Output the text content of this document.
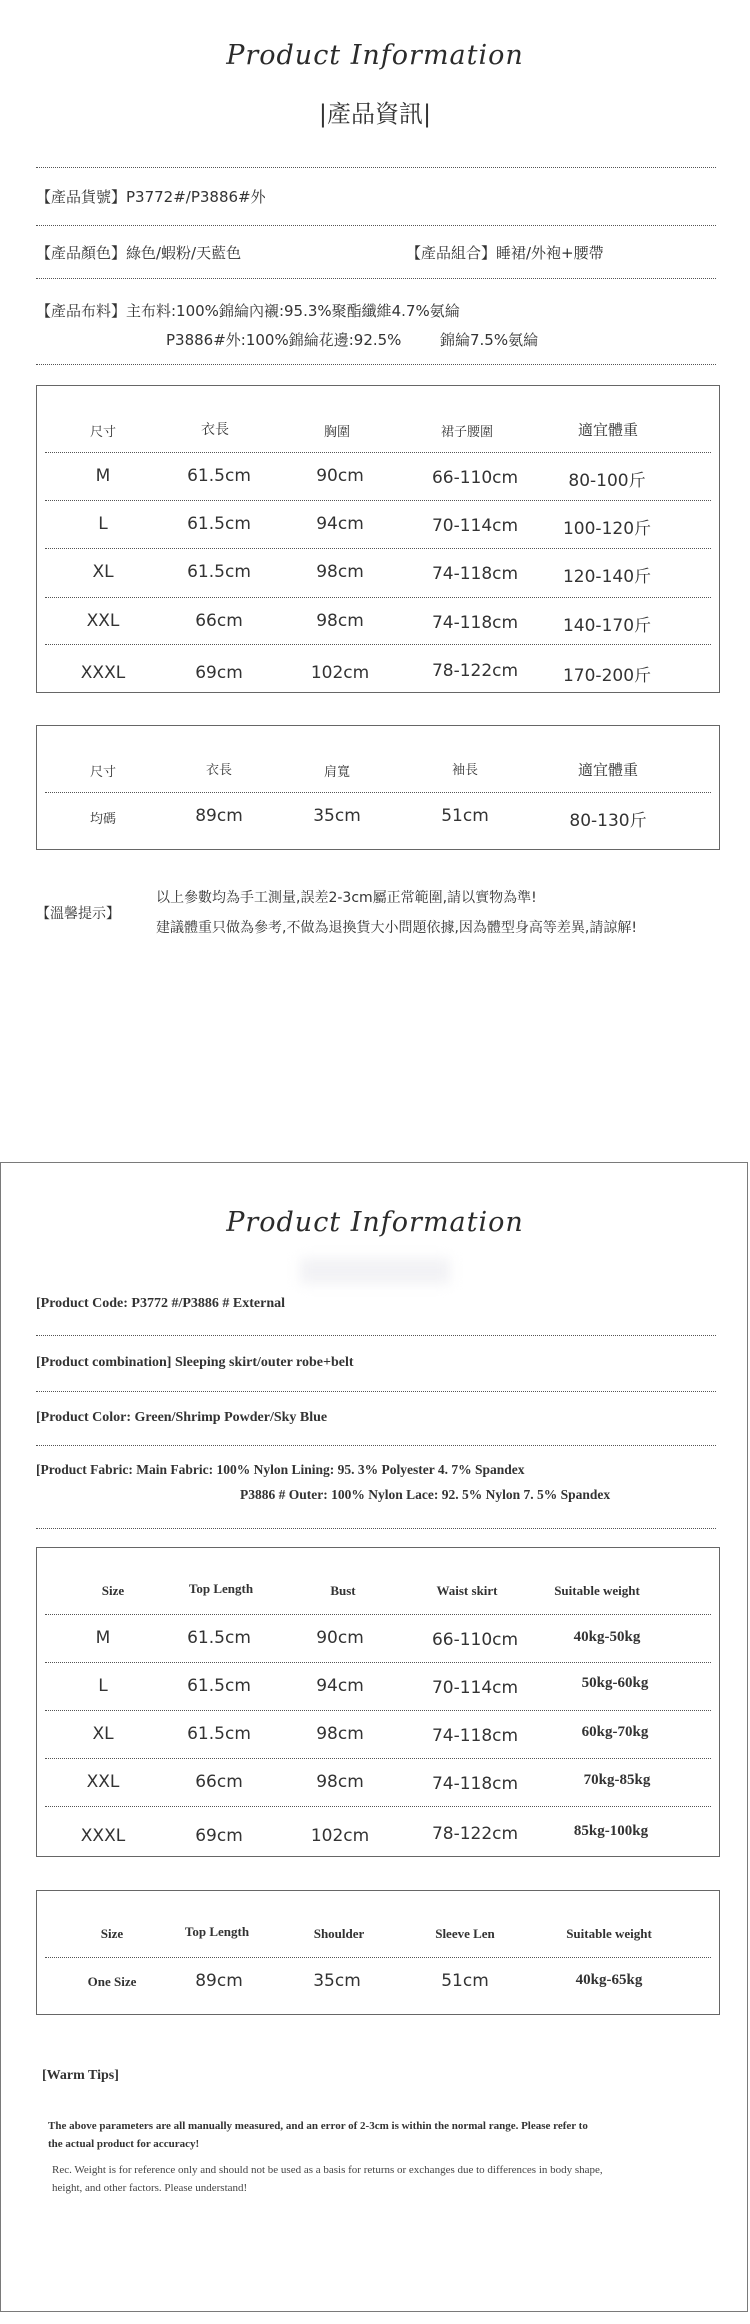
Product Information
|產品資訊|
【產品貨號】P3772#/P3886#外
【產品顏色】綠色/蝦粉/天藍色	【產品組合】睡裙/外袍+腰帶
【產品布料】主布料:100%錦綸內襯:95.3%聚酯纖維4.7%氨綸
P3886#外:100%錦綸花邊:92.5%	錦綸7.5%氨綸
尺寸	衣長	胸圍	裙子腰圍	適宜體重
M	61.5cm	90cm	66-110cm	80-100斤
L	61.5cm	94cm	70-114cm	100-120斤
XL	61.5cm	98cm	74-118cm	120-140斤
XXL	66cm	98cm	74-118cm	140-170斤
XXXL	69cm	102cm	78-122cm	170-200斤
尺寸	衣長	肩寬	袖長	適宜體重
均碼	89cm	35cm	51cm	80-130斤
【溫馨提示】
以上參數均為手工測量,誤差2-3cm屬正常範圍,請以實物為準!
建議體重只做為參考,不做為退換貨大小問題依據,因為體型身高等差異,請諒解!
Product Information
[Product Code: P3772 #/P3886 # External
[Product combination] Sleeping skirt/outer robe+belt
[Product Color: Green/Shrimp Powder/Sky Blue
[Product Fabric: Main Fabric: 100% Nylon Lining: 95. 3% Polyester 4. 7% Spandex
P3886 # Outer: 100% Nylon Lace: 92. 5% Nylon 7. 5% Spandex
Size	Top Length	Bust	Waist skirt	Suitable weight
M	61.5cm	90cm	66-110cm	40kg-50kg
L	61.5cm	94cm	70-114cm	50kg-60kg
XL	61.5cm	98cm	74-118cm	60kg-70kg
XXL	66cm	98cm	74-118cm	70kg-85kg
XXXL	69cm	102cm	78-122cm	85kg-100kg
Size	Top Length	Shoulder	Sleeve Len	Suitable weight
One Size	89cm	35cm	51cm	40kg-65kg
[Warm Tips]
The above parameters are all manually measured, and an error of 2-3cm is within the normal range. Please refer to
the actual product for accuracy!
Rec. Weight is for reference only and should not be used as a basis for returns or exchanges due to differences in body shape,
height, and other factors. Please understand!
